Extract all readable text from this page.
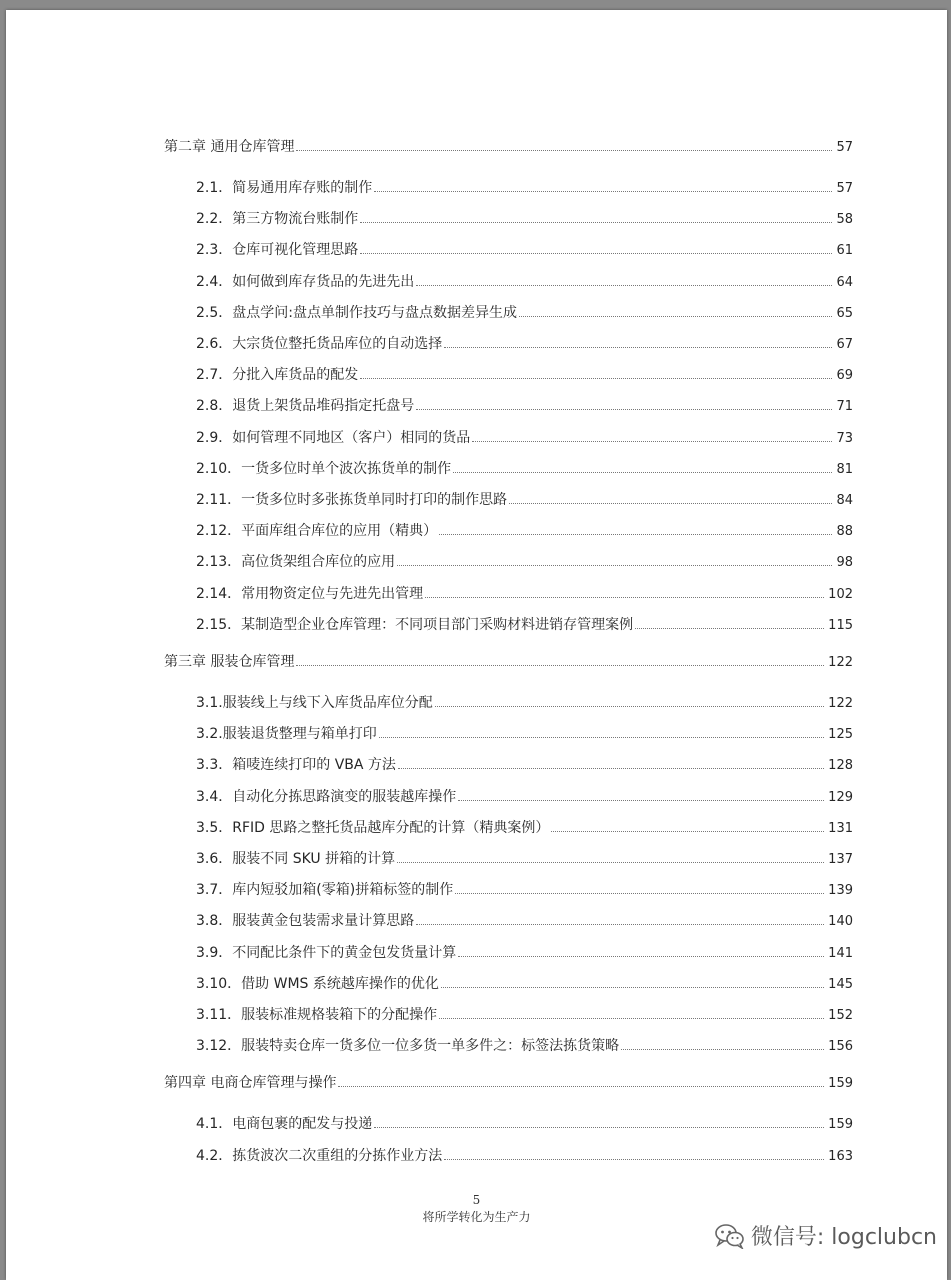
第二章 通用仓库管理	57
2.1．简易通用库存账的制作	57
2.2．第三方物流台账制作	58
2.3．仓库可视化管理思路	61
2.4．如何做到库存货品的先进先出	64
2.5．盘点学问:盘点单制作技巧与盘点数据差异生成	65
2.6．大宗货位整托货品库位的自动选择	67
2.7．分批入库货品的配发	69
2.8．退货上架货品堆码指定托盘号	71
2.9．如何管理不同地区（客户）相同的货品	73
2.10．一货多位时单个波次拣货单的制作	81
2.11．一货多位时多张拣货单同时打印的制作思路	84
2.12．平面库组合库位的应用（精典）	88
2.13．高位货架组合库位的应用	98
2.14．常用物资定位与先进先出管理	102
2.15．某制造型企业仓库管理：不同项目部门采购材料进销存管理案例	115
第三章 服装仓库管理	122
3.1.服装线上与线下入库货品库位分配	122
3.2.服装退货整理与箱单打印	125
3.3．箱唛连续打印的 VBA 方法	128
3.4．自动化分拣思路演变的服装越库操作	129
3.5．RFID 思路之整托货品越库分配的计算（精典案例）	131
3.6．服装不同 SKU 拼箱的计算	137
3.7．库内短驳加箱(零箱)拼箱标签的制作	139
3.8．服装黄金包装需求量计算思路	140
3.9．不同配比条件下的黄金包发货量计算	141
3.10．借助 WMS 系统越库操作的优化	145
3.11．服装标准规格装箱下的分配操作	152
3.12．服装特卖仓库一货多位一位多货一单多件之：标签法拣货策略	156
第四章 电商仓库管理与操作	159
4.1．电商包裹的配发与投递	159
4.2．拣货波次二次重组的分拣作业方法	163
5
将所学转化为生产力
微信号: logclubcn
